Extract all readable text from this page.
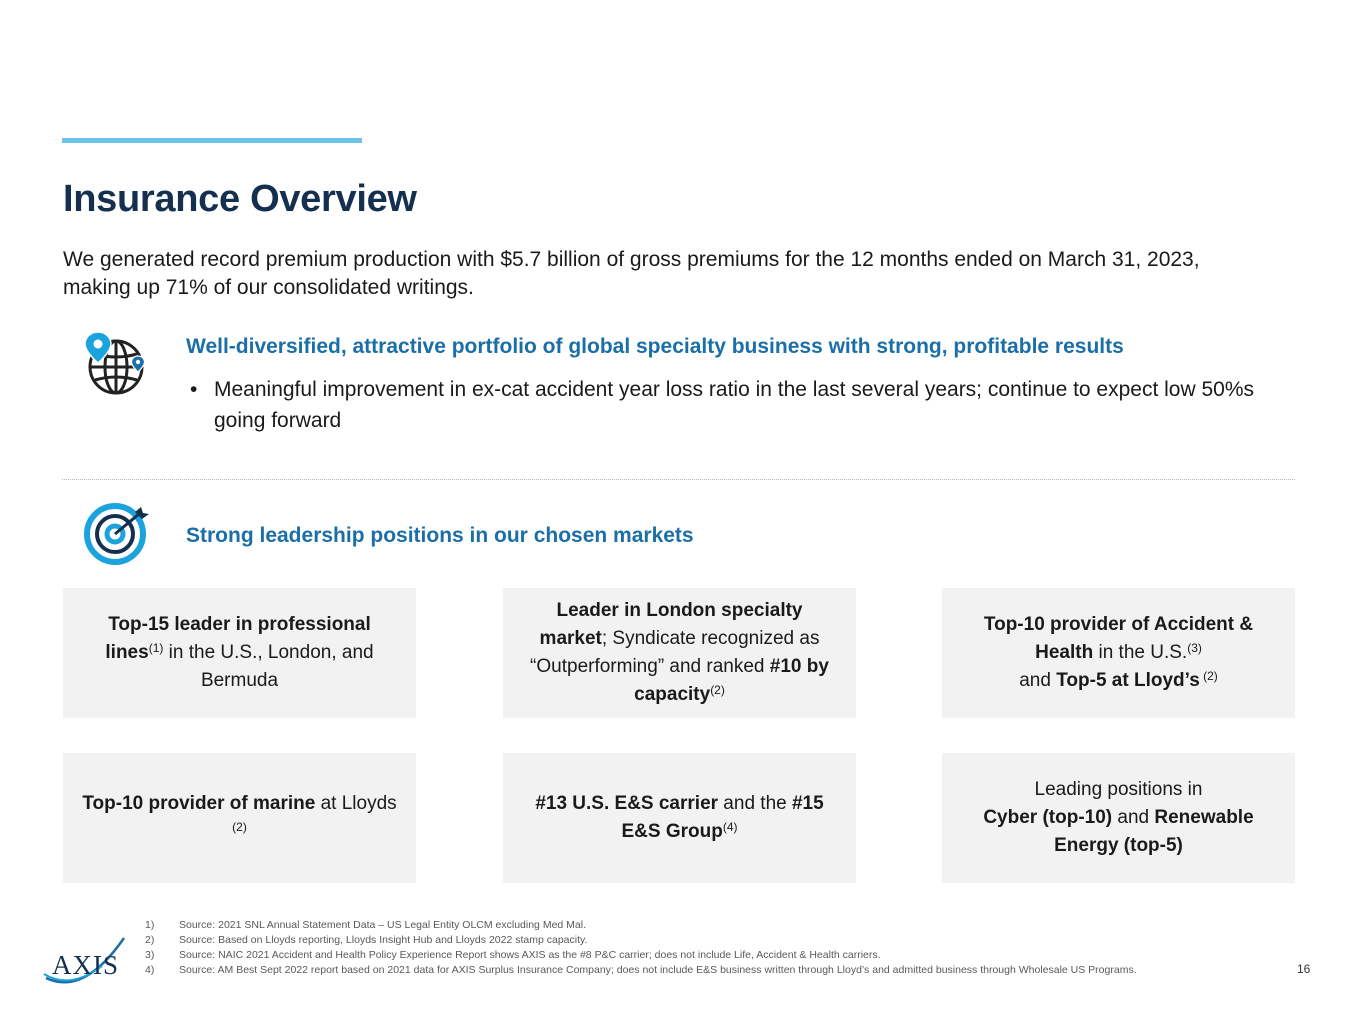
Insurance Overview

We generated record premium production with $5.7 billion of gross premiums for the 12 months ended on March 31, 2023, making up 71% of our consolidated writings.

Well-diversified, attractive portfolio of global specialty business with strong, profitable results
• Meaningful improvement in ex-cat accident year loss ratio in the last several years; continue to expect low 50%s going forward
Strong leadership positions in our chosen markets
Top-15 leader in professional lines$^{(1)}$ in the U.S., London, and Bermuda
Leader in London specialty market; Syndicate recognized as “Outperforming” and ranked #10 by capacity$^{(2)}$
Top-10 provider of Accident & Health in the U.S.$^{(3)}$
and Top-5 at Lloyd’s $^{(2)}$
Top-10 provider of marine at Lloyds $^{(2)}$
#13 U.S. E&S carrier and the #15 E&S Group$^{(4)}$
Leading positions in
Cyber (top-10) and Renewable Energy (top-5)
1)	Source: 2021 SNL Annual Statement Data – US Legal Entity OLCM excluding Med Mal.
2)	Source: Based on Lloyds reporting, Lloyds Insight Hub and Lloyds 2022 stamp capacity.
3)	Source: NAIC 2021 Accident and Health Policy Experience Report shows AXIS as the #8 P&C carrier; does not include Life, Accident & Health carriers.
4)	Source: AM Best Sept 2022 report based on 2021 data for AXIS Surplus Insurance Company; does not include E&S business written through Lloyd’s and admitted business through Wholesale US Programs.
AXIS	16
